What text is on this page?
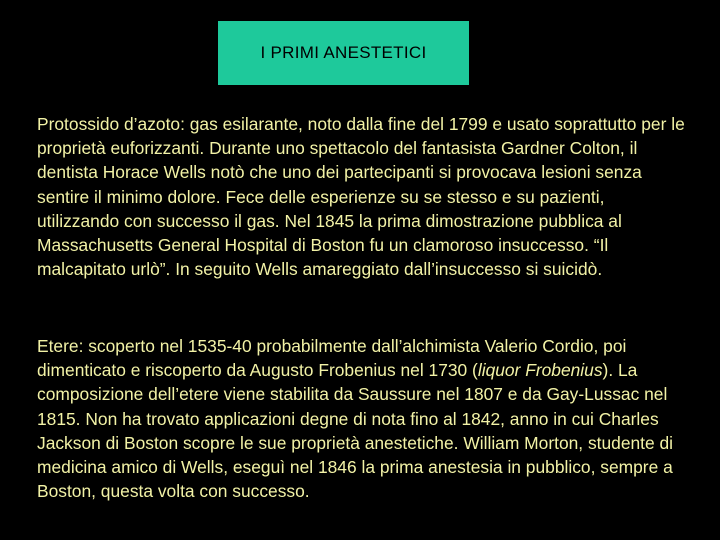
I PRIMI ANESTETICI

Protossido d’azoto: gas esilarante, noto dalla fine del 1799 e usato soprattutto per le proprietà euforizzanti. Durante uno spettacolo del fantasista Gardner Colton, il dentista Horace Wells notò che uno dei partecipanti si provocava lesioni senza sentire il minimo dolore. Fece delle esperienze su se stesso e su pazienti, utilizzando con successo il gas. Nel 1845 la prima dimostrazione pubblica al Massachusetts General Hospital di Boston fu un clamoroso insuccesso. “Il malcapitato urlò”. In seguito Wells amareggiato dall’insuccesso si suicidò.

Etere: scoperto nel 1535-40 probabilmente dall’alchimista Valerio Cordio, poi dimenticato e riscoperto da Augusto Frobenius nel 1730 (liquor Frobenius). La composizione dell’etere viene stabilita da Saussure nel 1807 e da Gay-Lussac nel 1815. Non ha trovato applicazioni degne di nota fino al 1842, anno in cui Charles Jackson di Boston scopre le sue proprietà anestetiche. William Morton, studente di medicina amico di Wells, eseguì nel 1846 la prima anestesia in pubblico, sempre a Boston, questa volta con successo.
